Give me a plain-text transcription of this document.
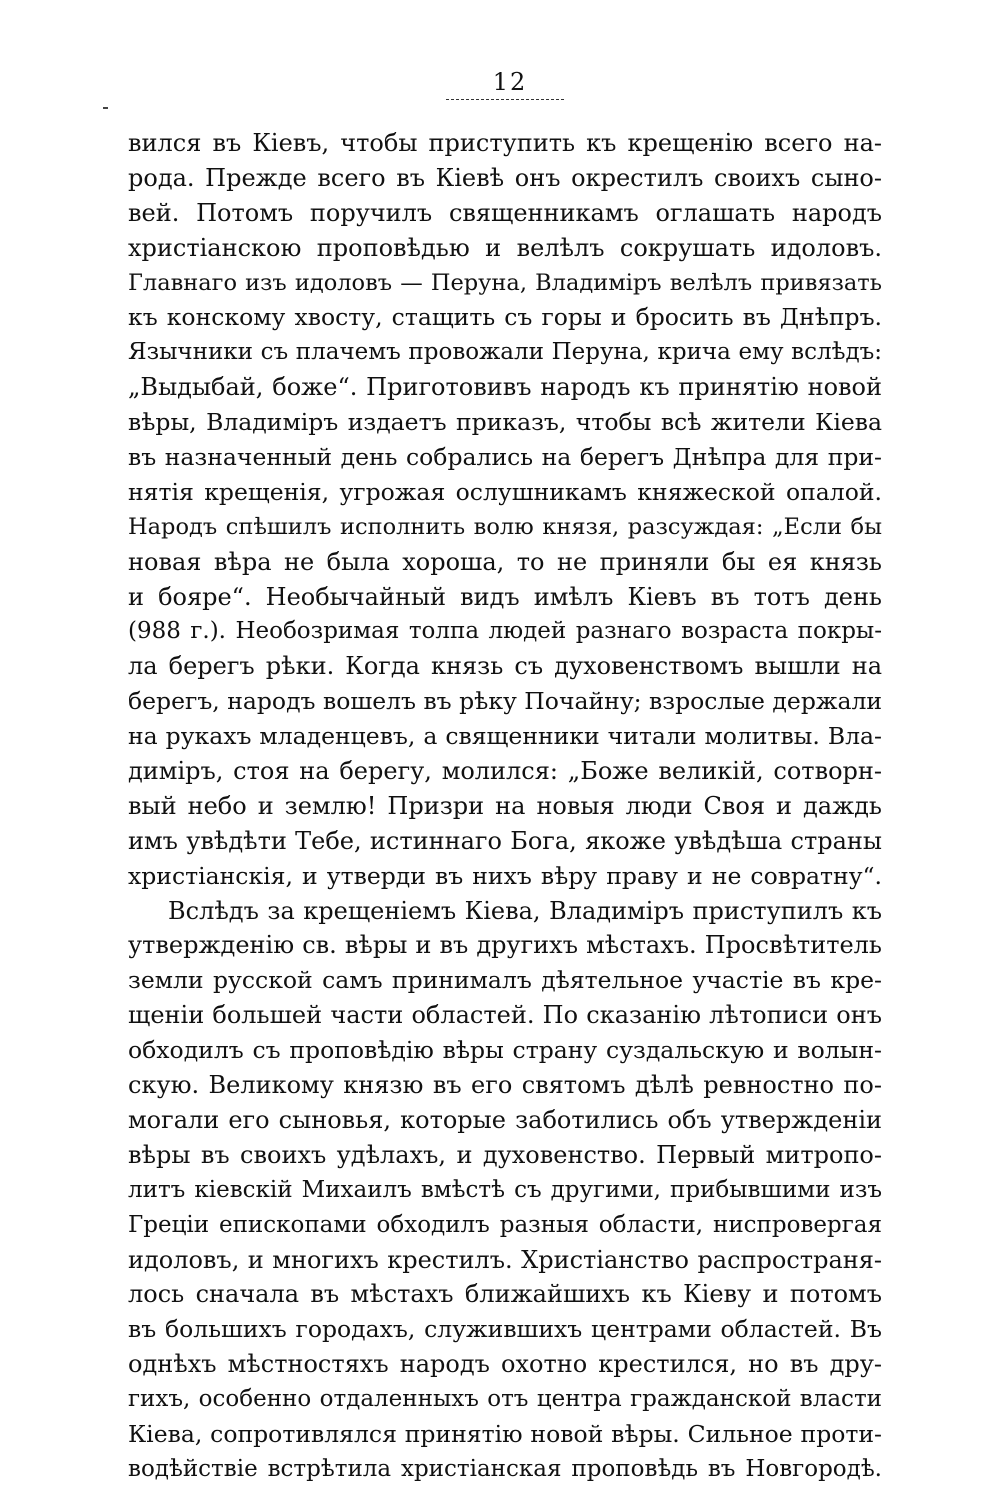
12
вился въ Кіевъ, чтобы приступить къ крещенію всего на-
рода. Прежде всего въ Кіевѣ онъ окрестилъ своихъ сыно-
вей. Потомъ поручилъ священникамъ оглашать народъ
христіанскою проповѣдью и велѣлъ сокрушать идоловъ.
Главнаго изъ идоловъ — Перуна, Владиміръ велѣлъ привязать
къ конскому хвосту, стащить съ горы и бросить въ Днѣпръ.
Язычники съ плачемъ провожали Перуна, крича ему вслѣдъ:
„Выдыбай, боже“. Приготовивъ народъ къ принятію новой
вѣры, Владиміръ издаетъ приказъ, чтобы всѣ жители Кіева
въ назначенный день собрались на берегъ Днѣпра для при-
нятія крещенія, угрожая ослушникамъ княжеской опалой.
Народъ спѣшилъ исполнить волю князя, разсуждая: „Если бы
новая вѣра не была хороша, то не приняли бы ея князь
и бояре“. Необычайный видъ имѣлъ Кіевъ въ тотъ день
(988 г.). Необозримая толпа людей разнаго возраста покры-
ла берегъ рѣки. Когда князь съ духовенствомъ вышли на
берегъ, народъ вошелъ въ рѣку Почайну; взрослые держали
на рукахъ младенцевъ, а священники читали молитвы. Вла-
диміръ, стоя на берегу, молился: „Боже великій, сотворн-
вый небо и землю! Призри на новыя люди Своя и даждь
имъ увѣдѣти Тебе, истиннаго Бога, якоже увѣдѣша страны
христіанскія, и утверди въ нихъ вѣру праву и не совратну“.
Вслѣдъ за крещеніемъ Кіева, Владиміръ приступилъ къ
утвержденію св. вѣры и въ другихъ мѣстахъ. Просвѣтитель
земли русской самъ принималъ дѣятельное участіе въ кре-
щеніи большей части областей. По сказанію лѣтописи онъ
обходилъ съ проповѣдію вѣры страну суздальскую и волын-
скую. Великому князю въ его святомъ дѣлѣ ревностно по-
могали его сыновья, которые заботились объ утвержденіи
вѣры въ своихъ удѣлахъ, и духовенство. Первый митропо-
литъ кіевскій Михаилъ вмѣстѣ съ другими, прибывшими изъ
Греціи епископами обходилъ разныя области, ниспровергая
идоловъ, и многихъ крестилъ. Христіанство распространя-
лось сначала въ мѣстахъ ближайшихъ къ Кіеву и потомъ
въ большихъ городахъ, служившихъ центрами областей. Въ
однѣхъ мѣстностяхъ народъ охотно крестился, но въ дру-
гихъ, особенно отдаленныхъ отъ центра гражданской власти
Кіева, сопротивлялся принятію новой вѣры. Сильное проти-
водѣйствіе встрѣтила христіанская проповѣдь въ Новгородѣ.
